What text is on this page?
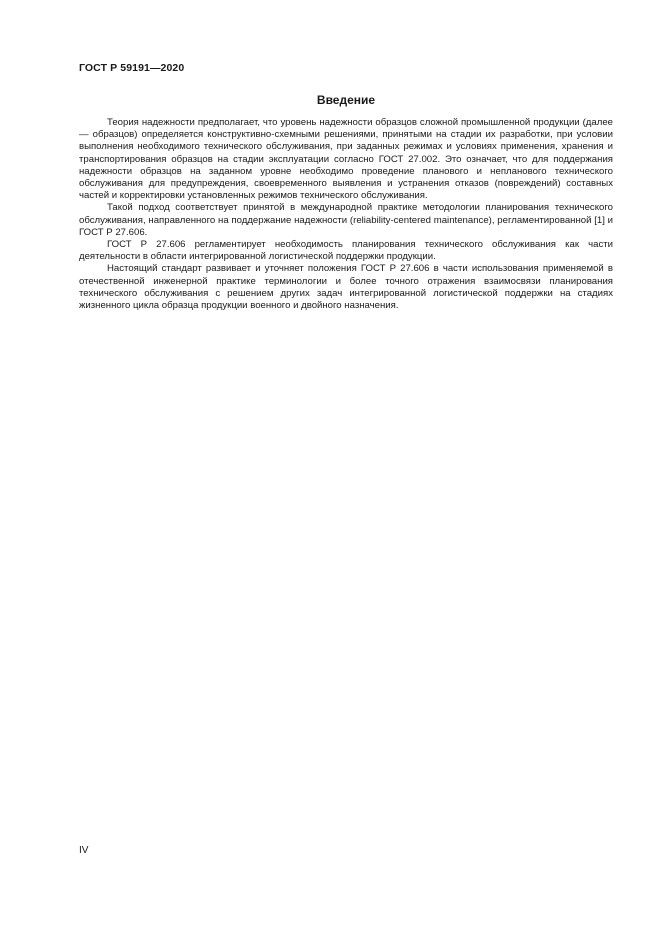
ГОСТ Р 59191—2020
Введение

Теория надежности предполагает, что уровень надежности образцов сложной промышленной продукции (далее — образцов) определяется конструктивно-схемными решениями, принятыми на стадии их разработки, при условии выполнения необходимого технического обслуживания, при заданных режимах и условиях применения, хранения и транспортирования образцов на стадии эксплуатации согласно ГОСТ 27.002. Это означает, что для поддержания надежности образцов на заданном уровне необходимо проведение планового и непланового технического обслуживания для предупреждения, своевременного выявления и устранения отказов (повреждений) составных частей и корректировки установленных режимов технического обслуживания.

Такой подход соответствует принятой в международной практике методологии планирования технического обслуживания, направленного на поддержание надежности (reliability-centered maintenance), регламентированной [1] и ГОСТ Р 27.606.

ГОСТ Р 27.606 регламентирует необходимость планирования технического обслуживания как части деятельности в области интегрированной логистической поддержки продукции.

Настоящий стандарт развивает и уточняет положения ГОСТ Р 27.606 в части использования применяемой в отечественной инженерной практике терминологии и более точного отражения взаимосвязи планирования технического обслуживания с решением других задач интегрированной логистической поддержки на стадиях жизненного цикла образца продукции военного и двойного назначения.

IV
